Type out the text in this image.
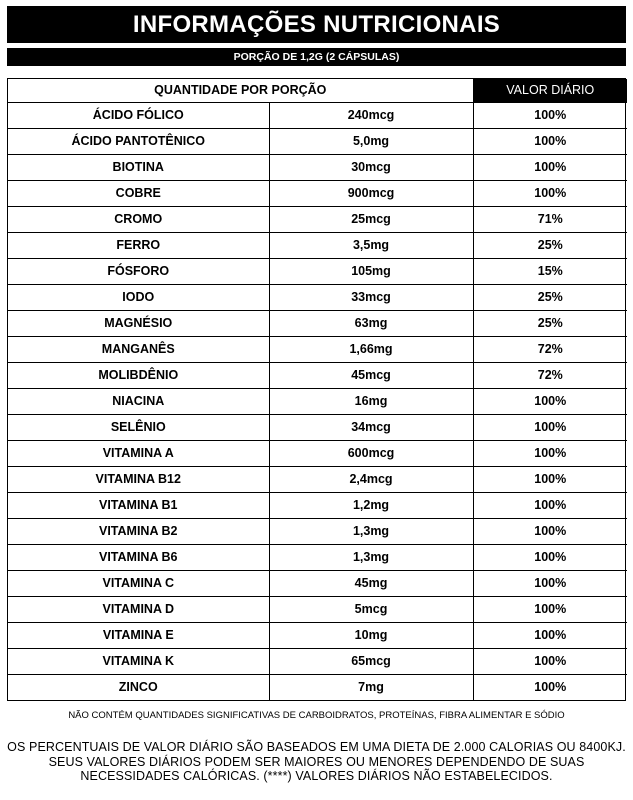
INFORMAÇÕES NUTRICIONAIS
PORÇÃO DE 1,2G (2 CÁPSULAS)
QUANTIDADE POR PORÇÃO		VALOR DIÁRIO
ÁCIDO FÓLICO	240mcg	100%
ÁCIDO PANTOTÊNICO	5,0mg	100%
BIOTINA	30mcg	100%
COBRE	900mcg	100%
CROMO	25mcg	71%
FERRO	3,5mg	25%
FÓSFORO	105mg	15%
IODO	33mcg	25%
MAGNÉSIO	63mg	25%
MANGANÊS	1,66mg	72%
MOLIBDÊNIO	45mcg	72%
NIACINA	16mg	100%
SELÊNIO	34mcg	100%
VITAMINA A	600mcg	100%
VITAMINA B12	2,4mcg	100%
VITAMINA B1	1,2mg	100%
VITAMINA B2	1,3mg	100%
VITAMINA B6	1,3mg	100%
VITAMINA C	45mg	100%
VITAMINA D	5mcg	100%
VITAMINA E	10mg	100%
VITAMINA K	65mcg	100%
ZINCO	7mg	100%
NÃO CONTÉM QUANTIDADES SIGNIFICATIVAS DE CARBOIDRATOS, PROTEÍNAS, FIBRA ALIMENTAR E SÓDIO
OS PERCENTUAIS DE VALOR DIÁRIO SÃO BASEADOS EM UMA DIETA DE 2.000 CALORIAS OU 8400KJ. SEUS VALORES DIÁRIOS PODEM SER MAIORES OU MENORES DEPENDENDO DE SUAS NECESSIDADES CALÓRICAS. (****) VALORES DIÁRIOS NÃO ESTABELECIDOS.
